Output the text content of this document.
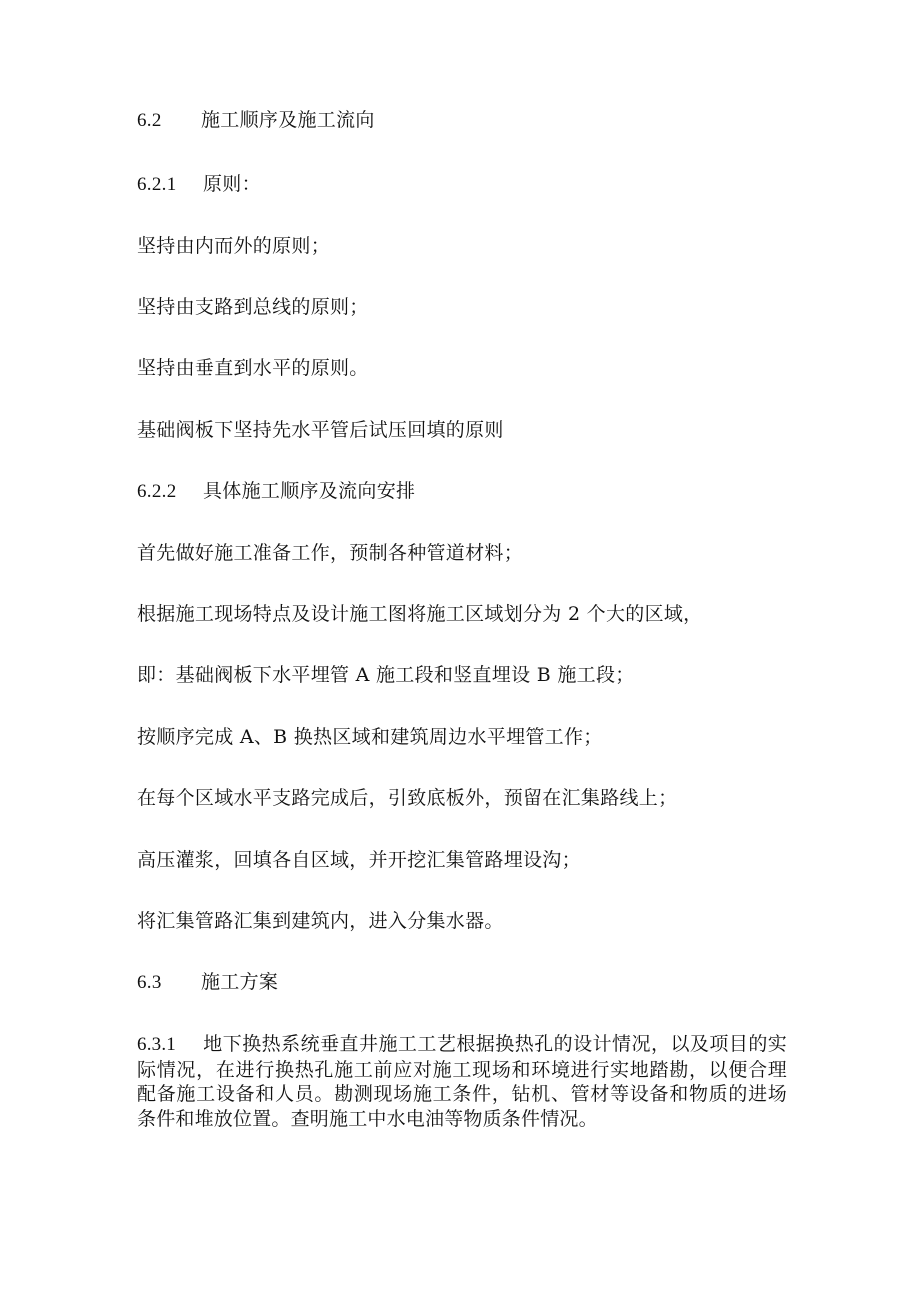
6.2 施工顺序及施工流向
6.2.1 原则：
坚持由内而外的原则；
坚持由支路到总线的原则；
坚持由垂直到水平的原则。
基础阀板下坚持先水平管后试压回填的原则
6.2.2 具体施工顺序及流向安排
首先做好施工准备工作，预制各种管道材料；
根据施工现场特点及设计施工图将施工区域划分为 2 个大的区域，
即：基础阀板下水平埋管 A 施工段和竖直埋设 B 施工段；
按顺序完成 A、B 换热区域和建筑周边水平埋管工作；
在每个区域水平支路完成后，引致底板外，预留在汇集路线上；
高压灌浆，回填各自区域，并开挖汇集管路埋设沟；
将汇集管路汇集到建筑内，进入分集水器。
6.3 施工方案
6.3.1 地下换热系统垂直井施工工艺根据换热孔的设计情况，以及项目的实际情况，在进行换热孔施工前应对施工现场和环境进行实地踏勘，以便合理配备施工设备和人员。勘测现场施工条件，钻机、管材等设备和物质的进场条件和堆放位置。查明施工中水电油等物质条件情况。
